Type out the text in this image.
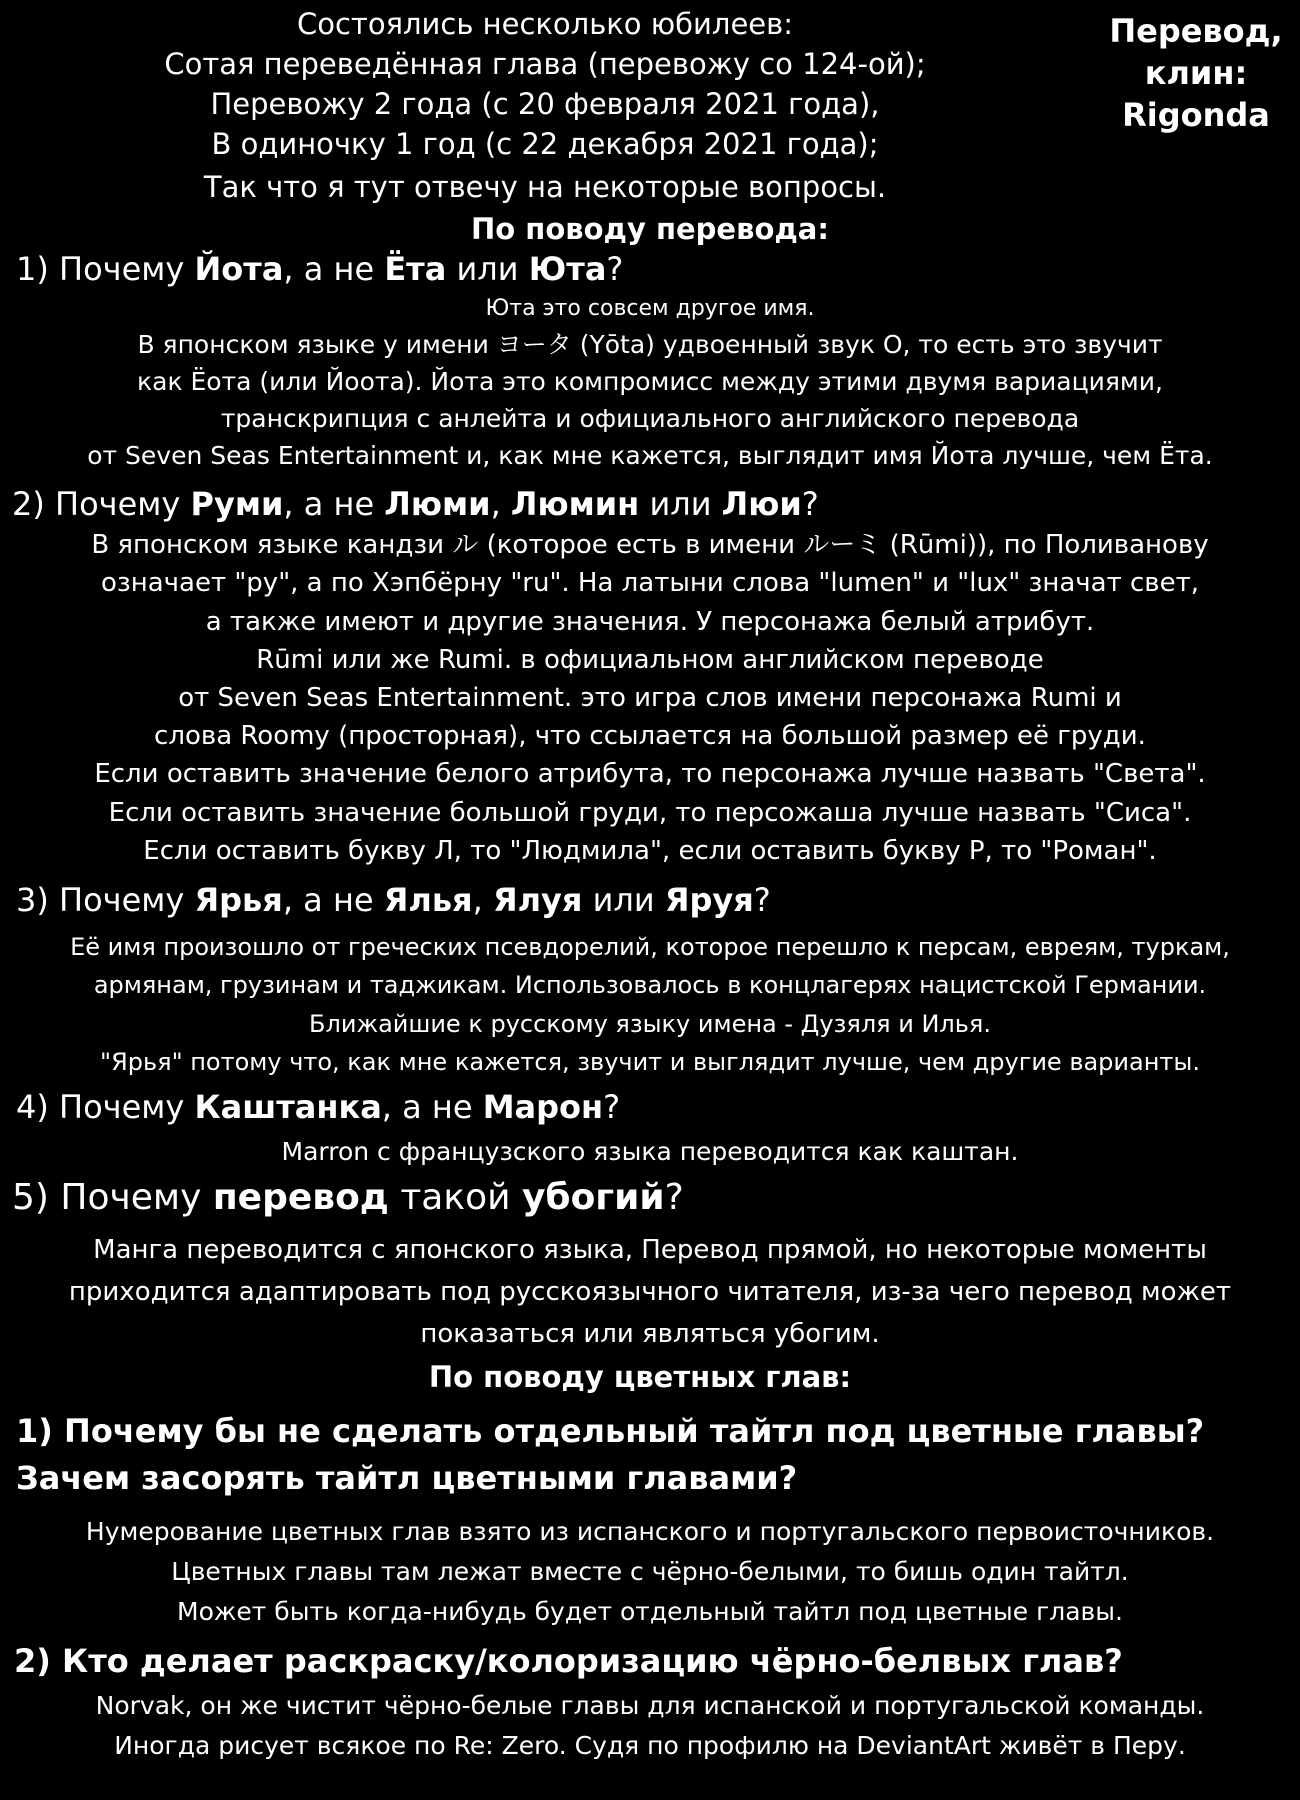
Перевод,
клин:
Rigonda
Состоялись несколько юбилеев:
Сотая переведённая глава (перевожу со 124-ой);
Перевожу 2 года (с 20 февраля 2021 года),
В одиночку 1 год (с 22 декабря 2021 года);
Так что я тут отвечу на некоторые вопросы.
По поводу перевода:
1) Почему Йота, а не Ёта или Юта?
Юта это совсем другое имя.
В японском языке у имени ヨータ (Yōta) удвоенный звук О, то есть это звучит
как Ёота (или Йоота). Йота это компромисс между этими двумя вариациями,
транскрипция с анлейта и официального английского перевода
от Seven Seas Entertainment и, как мне кажется, выглядит имя Йота лучше, чем Ёта.
2) Почему Руми, а не Люми, Люмин или Люи?
В японском языке кандзи ル (которое есть в имени ルーミ (Rūmi)), по Поливанову
означает "ру", а по Хэпбёрну "ru". На латыни слова "lumen" и "lux" значат свет,
а также имеют и другие значения. У персонажа белый атрибут.
Rūmi или же Rumi. в официальном английском переводе
от Seven Seas Entertainment. это игра слов имени персонажа Rumi и
слова Roomy (просторная), что ссылается на большой размер её груди.
Если оставить значение белого атрибута, то персонажа лучше назвать "Света".
Если оставить значение большой груди, то персожаша лучше назвать "Сиса".
Если оставить букву Л, то "Людмила", если оставить букву Р, то "Роман".
3) Почему Ярья, а не Ялья, Ялуя или Яруя?
Её имя произошло от греческих псевдорелий, которое перешло к персам, евреям, туркам,
армянам, грузинам и таджикам. Использовалось в концлагерях нацистской Германии.
Ближайшие к русскому языку имена - Дузяля и Илья.
"Ярья" потому что, как мне кажется, звучит и выглядит лучше, чем другие варианты.
4) Почему Каштанка, а не Марон?
Marron с французского языка переводится как каштан.
5) Почему перевод такой убогий?
Манга переводится с японского языка, Перевод прямой, но некоторые моменты
приходится адаптировать под русскоязычного читателя, из-за чего перевод может
показаться или являться убогим.
По поводу цветных глав:
1) Почему бы не сделать отдельный тайтл под цветные главы?
Зачем засорять тайтл цветными главами?
Нумерование цветных глав взято из испанского и португальского первоисточников.
Цветных главы там лежат вместе с чёрно-белыми, то бишь один тайтл.
Может быть когда-нибудь будет отдельный тайтл под цветные главы.
2) Кто делает раскраску/колоризацию чёрно-белвых глав?
Norvak, он же чистит чёрно-белые главы для испанской и португальской команды.
Иногда рисует всякое по Re: Zero. Судя по профилю на DeviantArt живёт в Перу.
